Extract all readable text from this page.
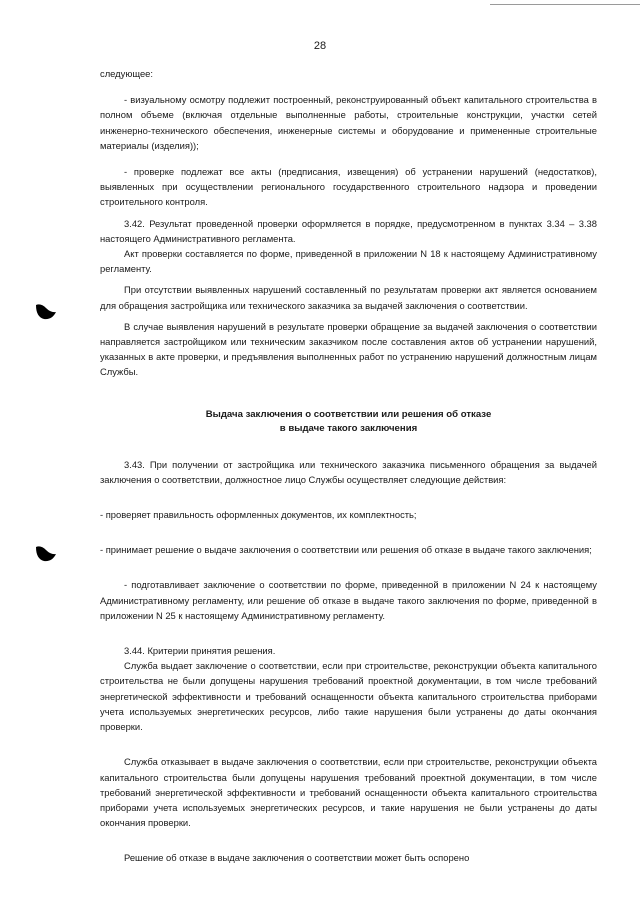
28

следующее:

- визуальному осмотру подлежит построенный, реконструированный объект капитального строительства в полном объеме (включая отдельные выполненные работы, строительные конструкции, участки сетей инженерно-технического обеспечения, инженерные системы и оборудование и примененные строительные материалы (изделия));

- проверке подлежат все акты (предписания, извещения) об устранении нарушений (недостатков), выявленных при осуществлении регионального государственного строительного надзора и проведении строительного контроля.

3.42. Результат проведенной проверки оформляется в порядке, предусмотренном в пунктах 3.34 – 3.38 настоящего Административного регламента.

Акт проверки составляется по форме, приведенной в приложении N 18 к настоящему Административному регламенту.

При отсутствии выявленных нарушений составленный по результатам проверки акт является основанием для обращения застройщика или технического заказчика за выдачей заключения о соответствии.

В случае выявления нарушений в результате проверки обращение за выдачей заключения о соответствии направляется застройщиком или техническим заказчиком после составления актов об устранении нарушений, указанных в акте проверки, и предъявления выполненных работ по устранению нарушений должностным лицам Службы.

Выдача заключения о соответствии или решения об отказе
в выдаче такого заключения

3.43. При получении от застройщика или технического заказчика письменного обращения за выдачей заключения о соответствии, должностное лицо Службы осуществляет следующие действия:

- проверяет правильность оформленных документов, их комплектность;

- принимает решение о выдаче заключения о соответствии или решения об отказе в выдаче такого заключения;

- подготавливает заключение о соответствии по форме, приведенной в приложении N 24 к настоящему Административному регламенту, или решение об отказе в выдаче такого заключения по форме, приведенной в приложении N 25 к настоящему Административному регламенту.

3.44. Критерии принятия решения.

Служба выдает заключение о соответствии, если при строительстве, реконструкции объекта капитального строительства не были допущены нарушения требований проектной документации, в том числе требований энергетической эффективности и требований оснащенности объекта капитального строительства приборами учета используемых энергетических ресурсов, либо такие нарушения были устранены до даты окончания проверки.

Служба отказывает в выдаче заключения о соответствии, если при строительстве, реконструкции объекта капитального строительства были допущены нарушения требований проектной документации, в том числе требований энергетической эффективности и требований оснащенности объекта капитального строительства приборами учета используемых энергетических ресурсов, и такие нарушения не были устранены до даты окончания проверки.

Решение об отказе в выдаче заключения о соответствии может быть оспорено
